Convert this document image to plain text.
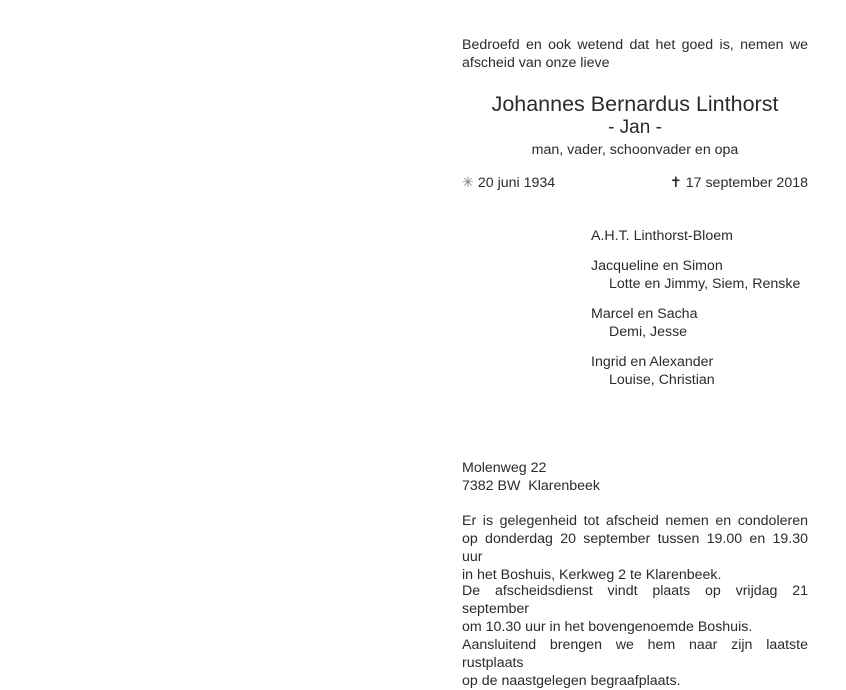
Bedroefd en ook wetend dat het goed is, nemen we
afscheid van onze lieve
Johannes Bernardus Linthorst
- Jan -
man, vader, schoonvader en opa
✳ 20 juni 1934	✝ 17 september 2018
A.H.T. Linthorst-Bloem
Jacqueline en Simon
Lotte en Jimmy, Siem, Renske
Marcel en Sacha
Demi, Jesse
Ingrid en Alexander
Louise, Christian
Molenweg 22
7382 BW  Klarenbeek
Er is gelegenheid tot afscheid nemen en condoleren
op donderdag 20 september tussen 19.00 en 19.30 uur
in het Boshuis, Kerkweg 2 te Klarenbeek.
De afscheidsdienst vindt plaats op vrijdag 21 september
om 10.30 uur in het bovengenoemde Boshuis.
Aansluitend brengen we hem naar zijn laatste rustplaats
op de naastgelegen begraafplaats.
